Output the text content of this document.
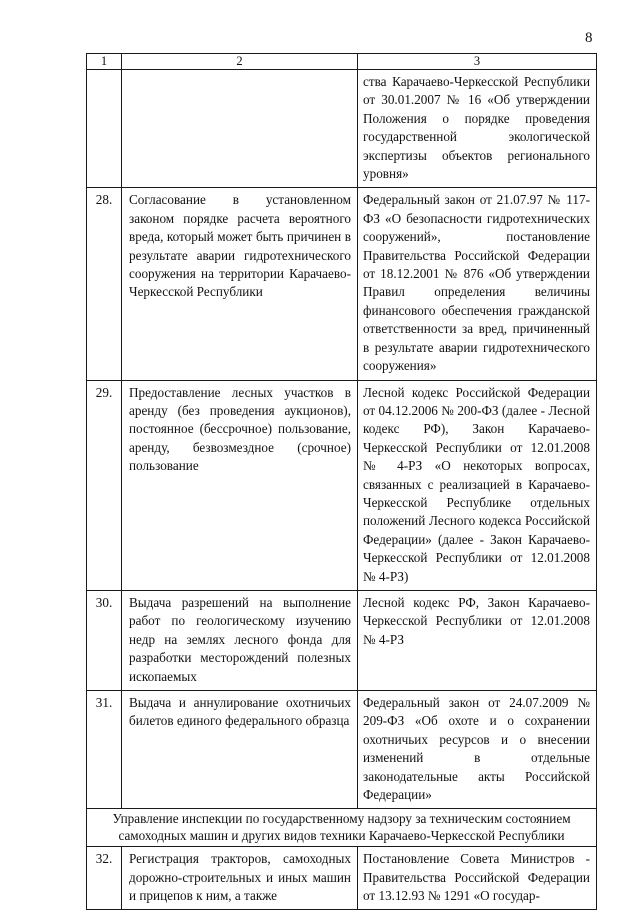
8
1	2	3
		ства Карачаево-Черкесской Республики от 30.01.2007 № 16 «Об утверждении Положения о порядке проведения государственной экологической экспертизы объектов регионального уровня»
28.	Согласование в установленном законом порядке расчета вероятного вреда, который может быть причинен в результате аварии гидротехнического сооружения на территории Карачаево-Черкесской Республики	Федеральный закон от 21.07.97 № 117-ФЗ «О безопасности гидротехнических сооружений», постановление Правительства Российской Федерации от 18.12.2001 № 876 «Об утверждении Правил определения величины финансового обеспечения гражданской ответственности за вред, причиненный в результате аварии гидротехнического сооружения»
29.	Предоставление лесных участков в аренду (без проведения аукционов), постоянное (бессрочное) пользование, аренду, безвозмездное (срочное) пользование	Лесной кодекс Российской Федерации от 04.12.2006 № 200-ФЗ (далее - Лесной кодекс РФ), Закон Карачаево-Черкесской Республики от 12.01.2008 № 4-РЗ «О некоторых вопросах, связанных с реализацией в Карачаево-Черкесской Республике отдельных положений Лесного кодекса Российской Федерации» (далее - Закон Карачаево-Черкесской Республики от 12.01.2008 № 4-РЗ)
30.	Выдача разрешений на выполнение работ по геологическому изучению недр на землях лесного фонда для разработки месторождений полезных ископаемых	Лесной кодекс РФ, Закон Карачаево-Черкесской Республики от 12.01.2008 № 4-РЗ
31.	Выдача и аннулирование охотничьих билетов единого федерального образца	Федеральный закон от 24.07.2009 № 209-ФЗ «Об охоте и о сохранении охотничьих ресурсов и о внесении изменений в отдельные законодательные акты Российской Федерации»
Управление инспекции по государственному надзору за техническим состоянием самоходных машин и других видов техники Карачаево-Черкесской Республики		
32.	Регистрация тракторов, самоходных дорожно-строительных и иных машин и прицепов к ним, а также	Постановление Совета Министров - Правительства Российской Федерации от 13.12.93 № 1291 «О государ-
